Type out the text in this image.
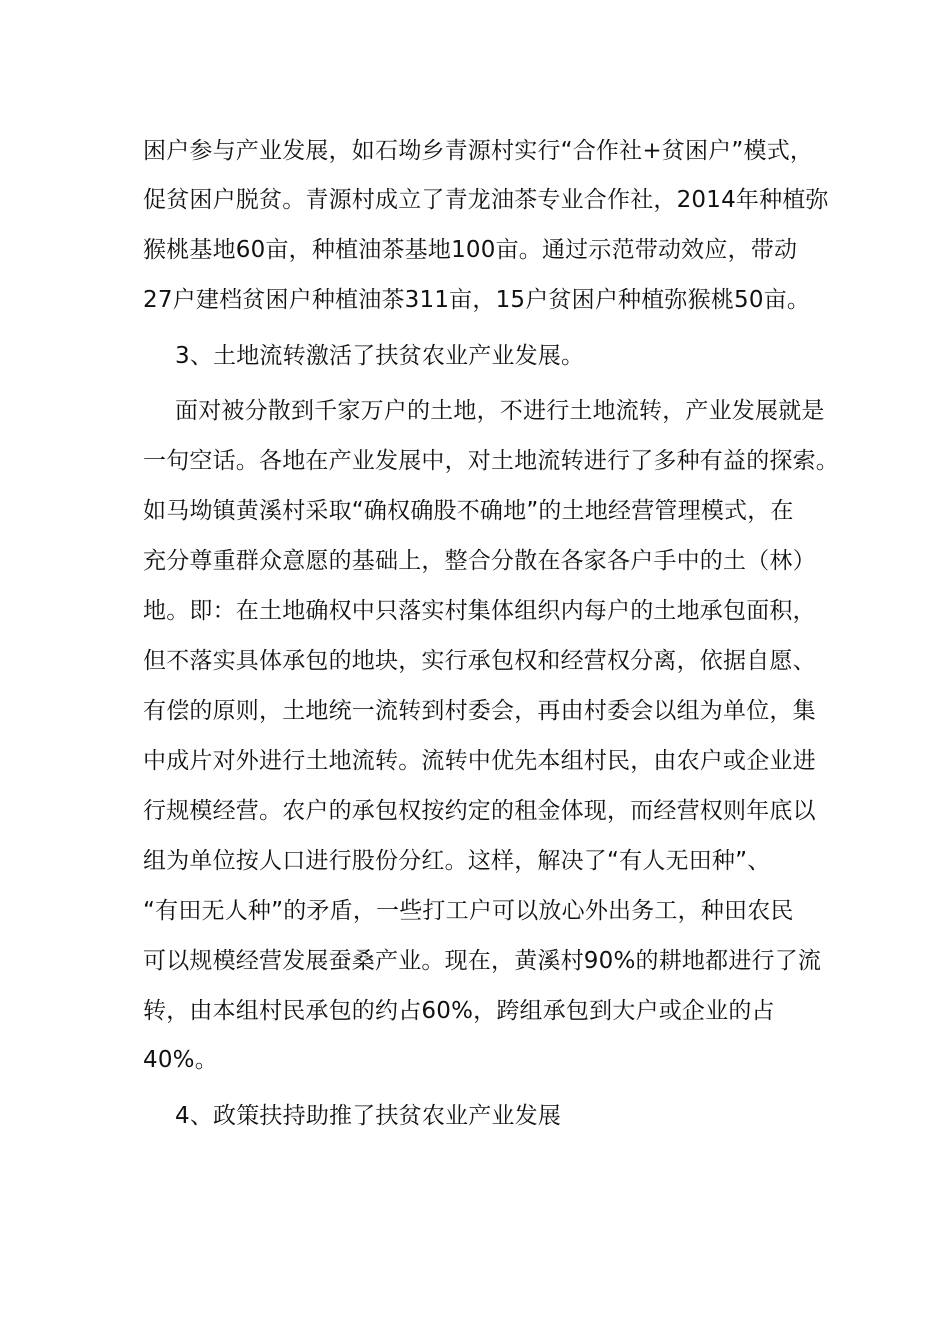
困户参与产业发展，如石坳乡青源村实行“合作社+贫困户”模式，
促贫困户脱贫。青源村成立了青龙油茶专业合作社，2014年种植弥
猴桃基地60亩，种植油茶基地100亩。通过示范带动效应，带动
27户建档贫困户种植油茶311亩，15户贫困户种植弥猴桃50亩。
3、土地流转激活了扶贫农业产业发展。
面对被分散到千家万户的土地，不进行土地流转，产业发展就是
一句空话。各地在产业发展中，对土地流转进行了多种有益的探索。
如马坳镇黄溪村采取“确权确股不确地”的土地经营管理模式，在
充分尊重群众意愿的基础上，整合分散在各家各户手中的土（林）
地。即：在土地确权中只落实村集体组织内每户的土地承包面积，
但不落实具体承包的地块，实行承包权和经营权分离，依据自愿、
有偿的原则，土地统一流转到村委会，再由村委会以组为单位，集
中成片对外进行土地流转。流转中优先本组村民，由农户或企业进
行规模经营。农户的承包权按约定的租金体现，而经营权则年底以
组为单位按人口进行股份分红。这样，解决了“有人无田种”、
“有田无人种”的矛盾，一些打工户可以放心外出务工，种田农民
可以规模经营发展蚕桑产业。现在，黄溪村90%的耕地都进行了流
转，由本组村民承包的约占60%，跨组承包到大户或企业的占
40%。
4、政策扶持助推了扶贫农业产业发展
